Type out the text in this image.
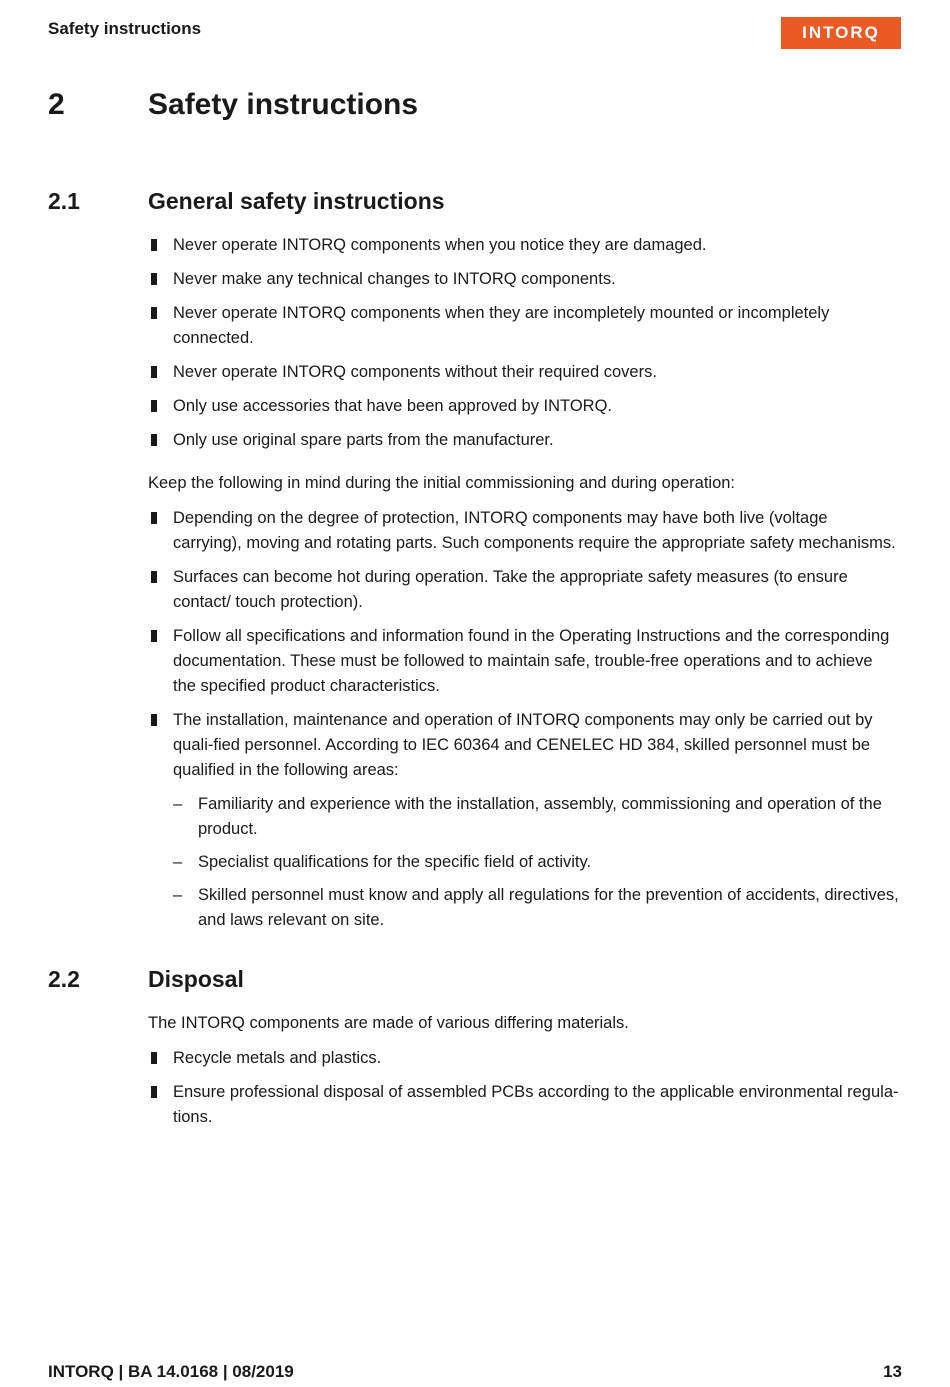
Safety instructions	INTORQ
2	Safety instructions
2.1	General safety instructions
Never operate INTORQ components when you notice they are damaged.
Never make any technical changes to INTORQ components.
Never operate INTORQ components when they are incompletely mounted or incompletely connected.
Never operate INTORQ components without their required covers.
Only use accessories that have been approved by INTORQ.
Only use original spare parts from the manufacturer.
Keep the following in mind during the initial commissioning and during operation:
Depending on the degree of protection, INTORQ components may have both live (voltage carrying), moving and rotating parts. Such components require the appropriate safety mechanisms.
Surfaces can become hot during operation. Take the appropriate safety measures (to ensure contact/ touch protection).
Follow all specifications and information found in the Operating Instructions and the corresponding documentation. These must be followed to maintain safe, trouble-free operations and to achieve the specified product characteristics.
The installation, maintenance and operation of INTORQ components may only be carried out by quali-fied personnel. According to IEC 60364 and CENELEC HD 384, skilled personnel must be qualified in the following areas:
– Familiarity and experience with the installation, assembly, commissioning and operation of the product.
– Specialist qualifications for the specific field of activity.
– Skilled personnel must know and apply all regulations for the prevention of accidents, directives, and laws relevant on site.
2.2	Disposal
The INTORQ components are made of various differing materials.
Recycle metals and plastics.
Ensure professional disposal of assembled PCBs according to the applicable environmental regula-tions.
INTORQ | BA 14.0168 | 08/2019	13
